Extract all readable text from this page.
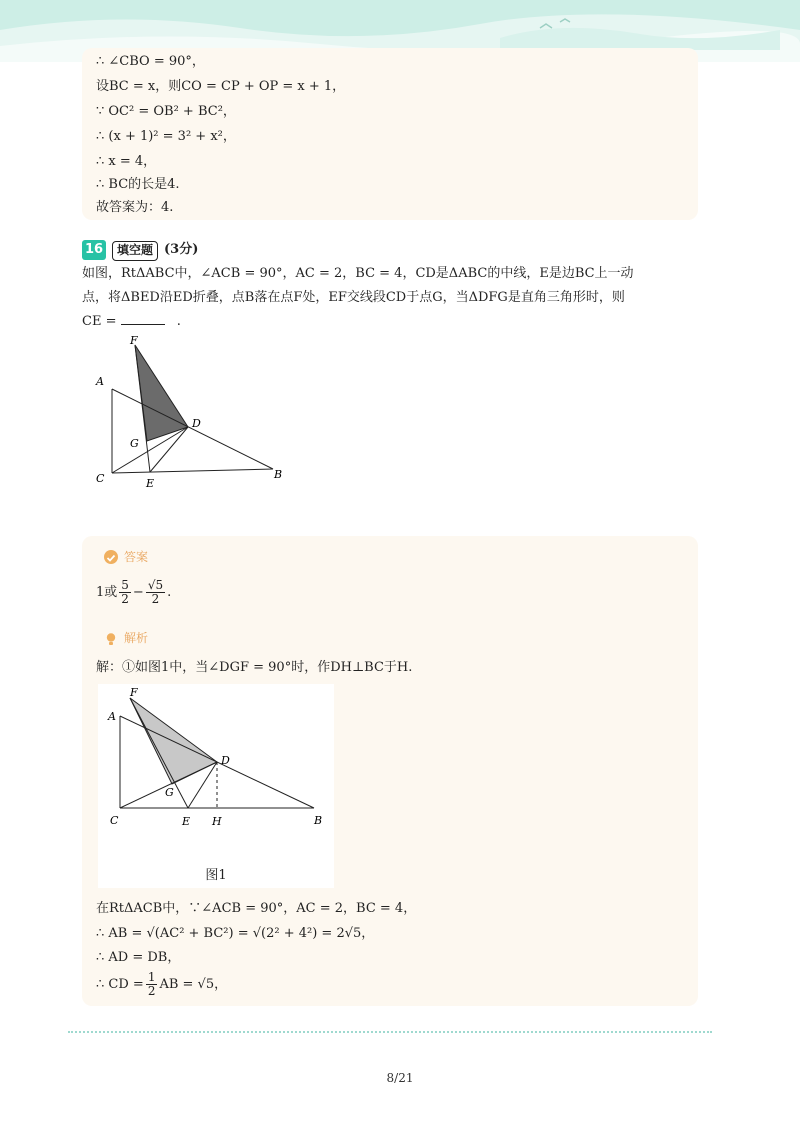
∴ ∠CBO = 90°，
设BC = x，则CO = CP + OP = x + 1，
∵ OC² = OB² + BC²，
∴ (x + 1)² = 3² + x²，
∴ x = 4，
∴ BC的长是4.
故答案为：4.
16	填空题 (3分)
如图，RtΔABC中，∠ACB = 90°，AC = 2，BC = 4，CD是ΔABC的中线，E是边BC上一动
点，将ΔBED沿ED折叠，点B落在点F处，EF交线段CD于点G，当ΔDFG是直角三角形时，则
CE =	.
F
A
D
G
C	E
B
答案
1或 $\frac{5}{2} - \frac{√5}{2}$ .
解析
解：①如图1中，当∠DGF = 90°时，作DH⊥BC于H.
F
A
D
G
C	E H	B
图1
在RtΔACB中，∵∠ACB = 90°，AC = 2，BC = 4，
∴ AB = √(AC² + BC²) = √(2² + 4²) = 2√5，
∴ AD = DB，
∴ CD = $\frac{1}{2}$ AB = √5，
8/21
